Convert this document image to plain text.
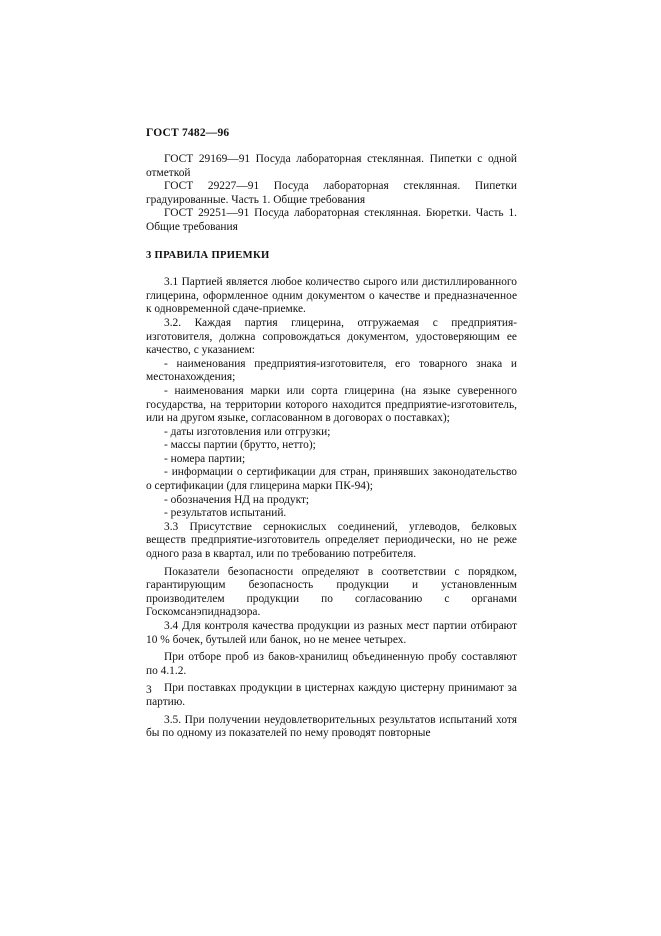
ГОСТ 7482—96

ГОСТ 29169—91 Посуда лабораторная стеклянная. Пипетки с одной отметкой

ГОСТ 29227—91 Посуда лабораторная стеклянная. Пипетки градуированные. Часть 1. Общие требования

ГОСТ 29251—91 Посуда лабораторная стеклянная. Бюретки. Часть 1. Общие требования

3 ПРАВИЛА ПРИЕМКИ

3.1 Партией является любое количество сырого или дистиллированного глицерина, оформленное одним документом о качестве и предназначенное к одновременной сдаче-приемке.

3.2. Каждая партия глицерина, отгружаемая с предприятия-изготовителя, должна сопровождаться документом, удостоверяющим ее качество, с указанием:

- наименования предприятия-изготовителя, его товарного знака и местонахождения;

- наименования марки или сорта глицерина (на языке суверенного государства, на территории которого находится предприятие-изготовитель, или на другом языке, согласованном в договорах о поставках);

- даты изготовления или отгрузки;

- массы партии (брутто, нетто);

- номера партии;

- информации о сертификации для стран, принявших законодательство о сертификации (для глицерина марки ПК-94);

- обозначения НД на продукт;

- результатов испытаний.

3.3 Присутствие сернокислых соединений, углеводов, белковых веществ предприятие-изготовитель определяет периодически, но не реже одного раза в квартал, или по требованию потребителя.

Показатели безопасности определяют в соответствии с порядком, гарантирующим безопасность продукции и установленным производителем продукции по согласованию с органами Госкомсанэпиднадзора.

3.4 Для контроля качества продукции из разных мест партии отбирают 10 % бочек, бутылей или банок, но не менее четырех.

При отборе проб из баков-хранилищ объединенную пробу составляют по 4.1.2.

При поставках продукции в цистернах каждую цистерну принимают за партию.

3.5. При получении неудовлетворительных результатов испытаний хотя бы по одному из показателей по нему проводят повторные

3
